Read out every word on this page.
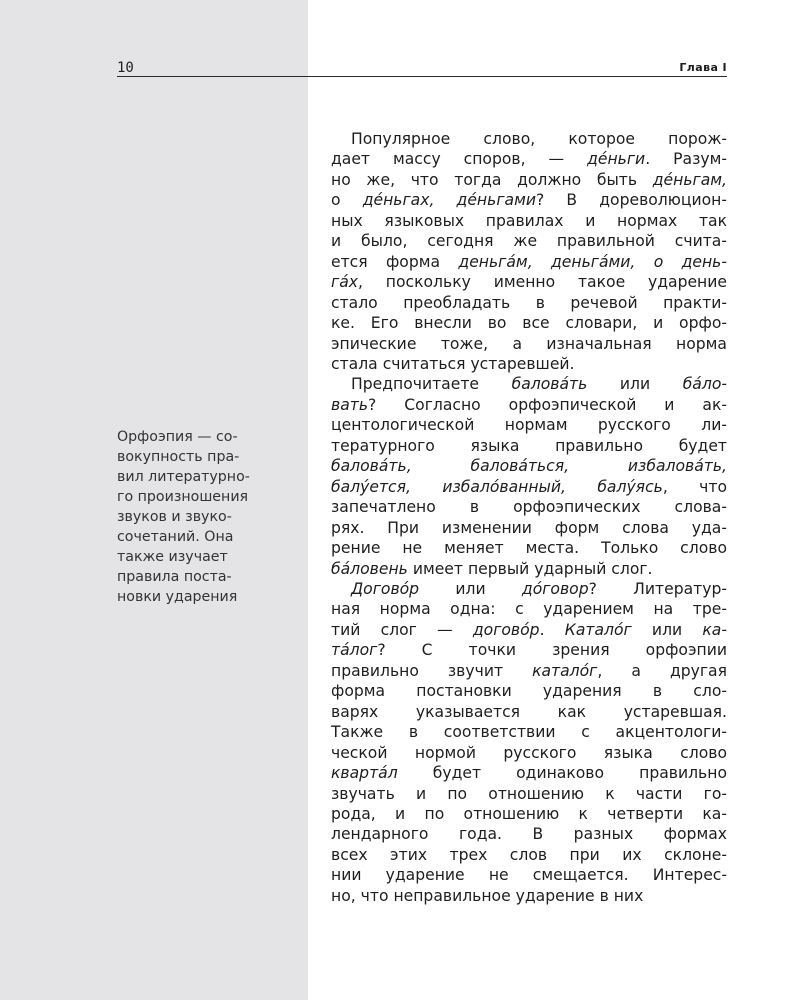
10	Глава I
Орфоэпия — со-
вокупность пра-
вил литературно-
го произношения
звуков и звуко-
сочетаний. Она
также изучает
правила поста-
новки ударения
Популярное слово, которое порож-
дает массу споров, — де́ньги. Разум-
но же, что тогда должно быть де́ньгам,
о де́ньгах, де́ньгами? В дореволюцион-
ных языковых правилах и нормах так
и было, сегодня же правильной счита-
ется форма деньга́м, деньга́ми, о день-
га́х, поскольку именно такое ударение
стало преобладать в речевой практи-
ке. Его внесли во все словари, и орфо-
эпические тоже, а изначальная норма
стала считаться устаревшей.
Предпочитаете балова́ть или ба́ло-
вать? Согласно орфоэпической и ак-
центологической нормам русского ли-
тературного языка правильно будет
балова́ть, балова́ться, избалова́ть,
балу́ется, избало́ванный, балу́ясь, что
запечатлено в орфоэпических слова-
рях. При изменении форм слова уда-
рение не меняет места. Только слово
ба́ловень имеет первый ударный слог.
Догово́р или до́говор? Литератур-
ная норма одна: с ударением на тре-
тий слог — догово́р. Катало́г или ка-
та́лог? С точки зрения орфоэпии
правильно звучит катало́г, а другая
форма постановки ударения в сло-
варях указывается как устаревшая.
Также в соответствии с акцентологи-
ческой нормой русского языка слово
кварта́л будет одинаково правильно
звучать и по отношению к части го-
рода, и по отношению к четверти ка-
лендарного года. В разных формах
всех этих трех слов при их склоне-
нии ударение не смещается. Интерес-
но, что неправильное ударение в них
